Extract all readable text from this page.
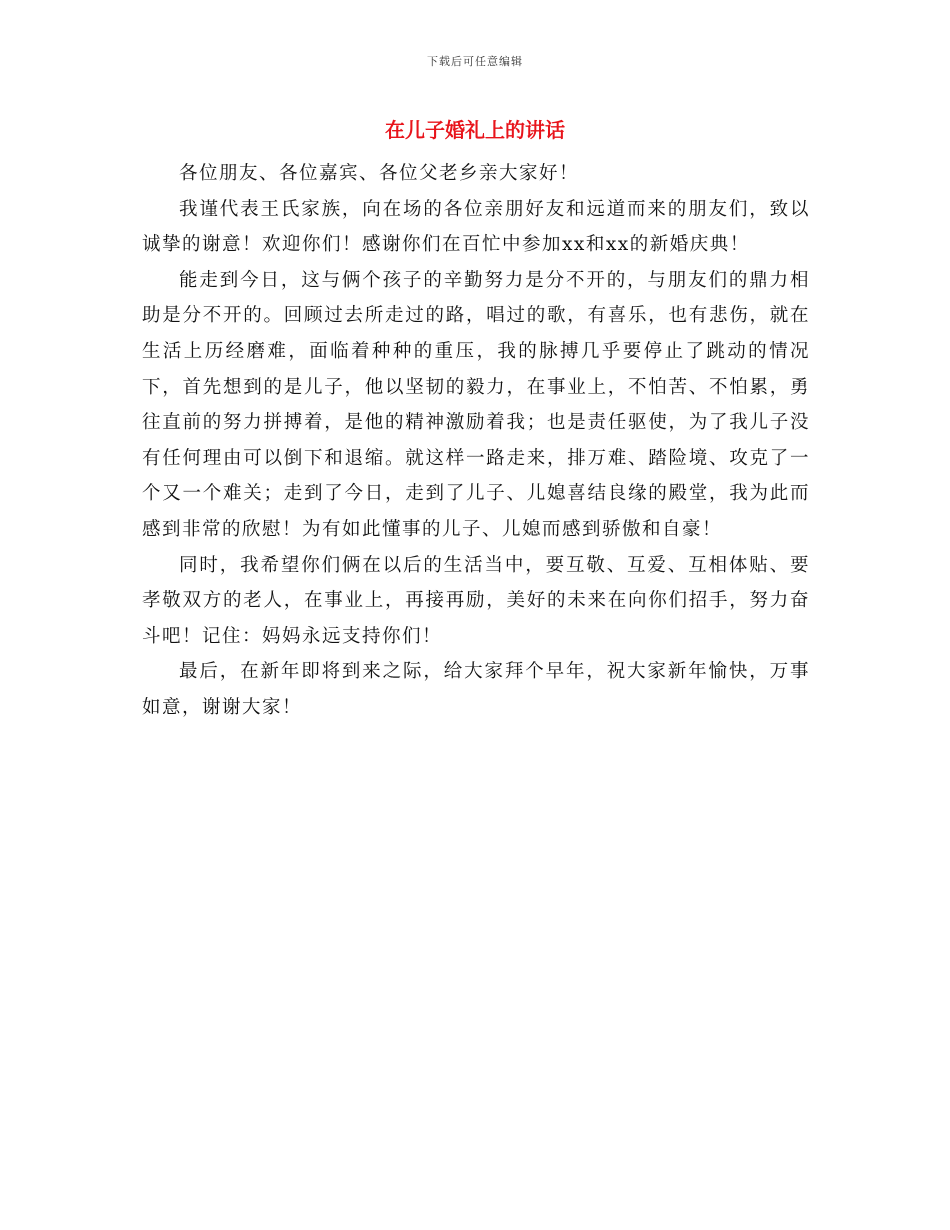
下载后可任意编辑
在儿子婚礼上的讲话

各位朋友、各位嘉宾、各位父老乡亲大家好！

我谨代表王氏家族，向在场的各位亲朋好友和远道而来的朋友们，致以诚挚的谢意！欢迎你们！感谢你们在百忙中参加xx和xx的新婚庆典！

能走到今日，这与俩个孩子的辛勤努力是分不开的，与朋友们的鼎力相助是分不开的。回顾过去所走过的路，唱过的歌，有喜乐，也有悲伤，就在生活上历经磨难，面临着种种的重压，我的脉搏几乎要停止了跳动的情况下，首先想到的是儿子，他以坚韧的毅力，在事业上，不怕苦、不怕累，勇往直前的努力拼搏着，是他的精神激励着我；也是责任驱使，为了我儿子没有任何理由可以倒下和退缩。就这样一路走来，排万难、踏险境、攻克了一个又一个难关；走到了今日，走到了儿子、儿媳喜结良缘的殿堂，我为此而感到非常的欣慰！为有如此懂事的儿子、儿媳而感到骄傲和自豪！

同时，我希望你们俩在以后的生活当中，要互敬、互爱、互相体贴、要孝敬双方的老人，在事业上，再接再励，美好的未来在向你们招手，努力奋斗吧！记住：妈妈永远支持你们！

最后，在新年即将到来之际，给大家拜个早年，祝大家新年愉快，万事如意，谢谢大家！
